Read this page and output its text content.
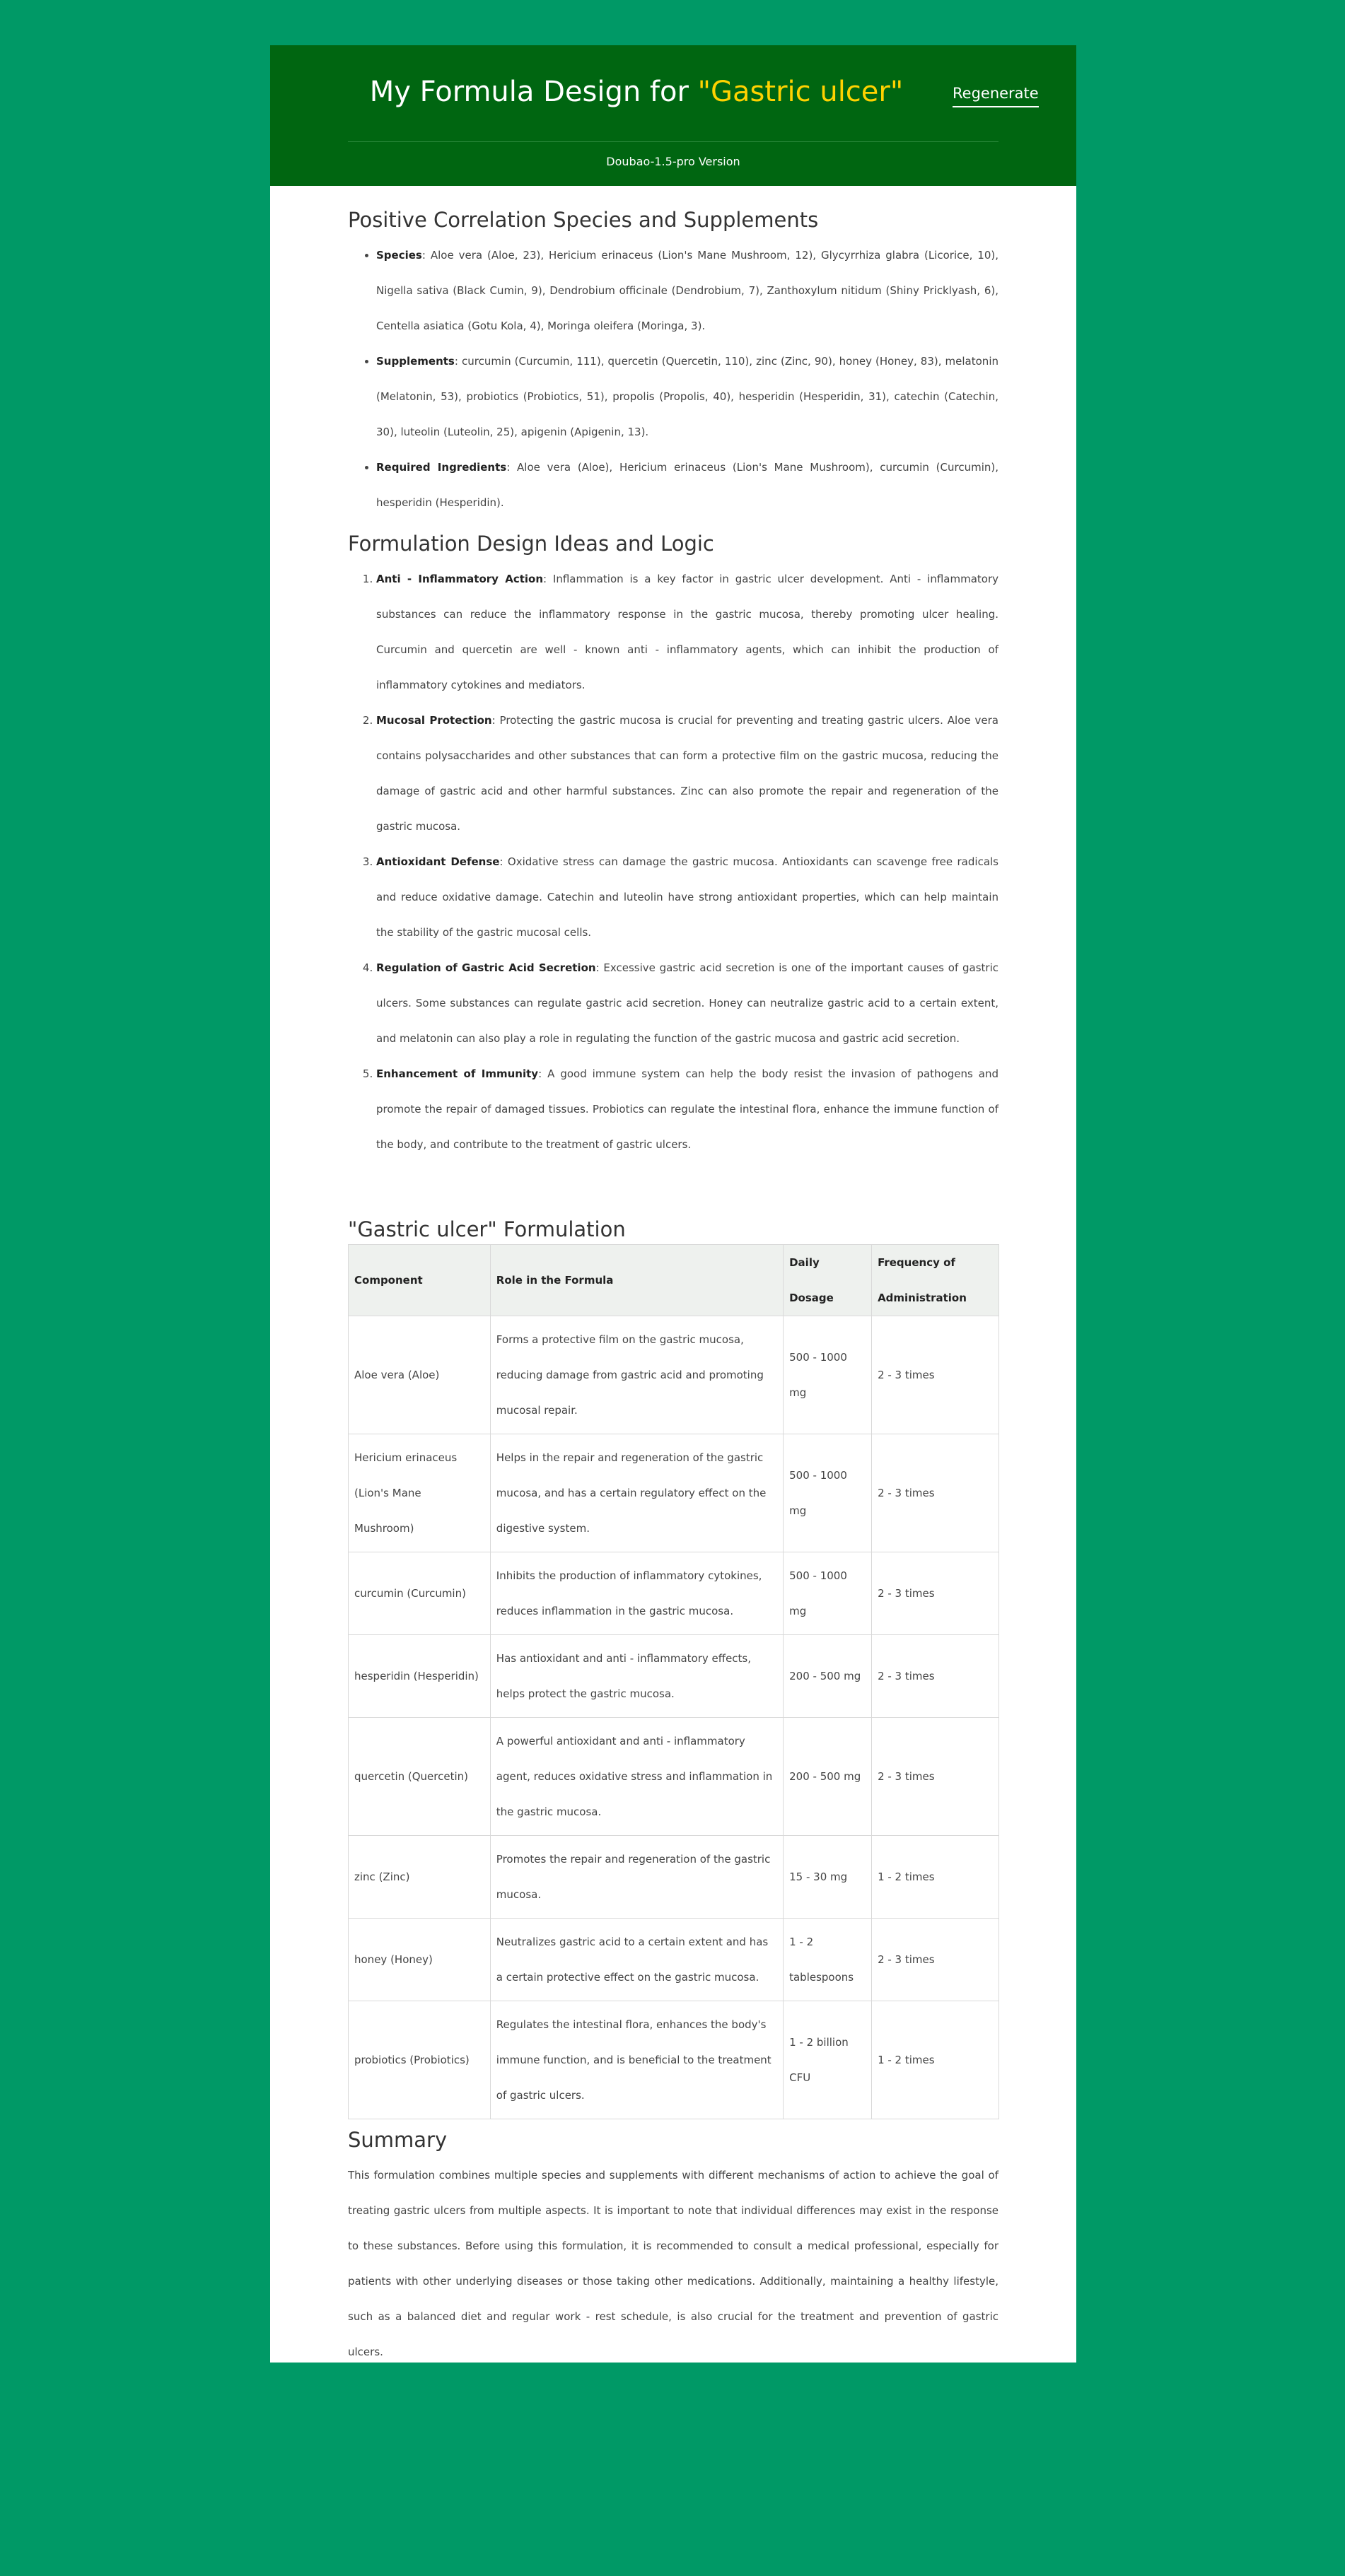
My Formula Design for "Gastric ulcer"	Regenerate
Doubao-1.5-pro Version
Positive Correlation Species and Supplements
• Species: Aloe vera (Aloe, 23), Hericium erinaceus (Lion's Mane Mushroom, 12), Glycyrrhiza glabra (Licorice, 10), Nigella sativa (Black Cumin, 9), Dendrobium officinale (Dendrobium, 7), Zanthoxylum nitidum (Shiny Pricklyash, 6), Centella asiatica (Gotu Kola, 4), Moringa oleifera (Moringa, 3).
• Supplements: curcumin (Curcumin, 111), quercetin (Quercetin, 110), zinc (Zinc, 90), honey (Honey, 83), melatonin (Melatonin, 53), probiotics (Probiotics, 51), propolis (Propolis, 40), hesperidin (Hesperidin, 31), catechin (Catechin, 30), luteolin (Luteolin, 25), apigenin (Apigenin, 13).
• Required Ingredients: Aloe vera (Aloe), Hericium erinaceus (Lion's Mane Mushroom), curcumin (Curcumin), hesperidin (Hesperidin).
Formulation Design Ideas and Logic
1. Anti - Inflammatory Action: Inflammation is a key factor in gastric ulcer development. Anti - inflammatory substances can reduce the inflammatory response in the gastric mucosa, thereby promoting ulcer healing. Curcumin and quercetin are well - known anti - inflammatory agents, which can inhibit the production of inflammatory cytokines and mediators.
2. Mucosal Protection: Protecting the gastric mucosa is crucial for preventing and treating gastric ulcers. Aloe vera contains polysaccharides and other substances that can form a protective film on the gastric mucosa, reducing the damage of gastric acid and other harmful substances. Zinc can also promote the repair and regeneration of the gastric mucosa.
3. Antioxidant Defense: Oxidative stress can damage the gastric mucosa. Antioxidants can scavenge free radicals and reduce oxidative damage. Catechin and luteolin have strong antioxidant properties, which can help maintain the stability of the gastric mucosal cells.
4. Regulation of Gastric Acid Secretion: Excessive gastric acid secretion is one of the important causes of gastric ulcers. Some substances can regulate gastric acid secretion. Honey can neutralize gastric acid to a certain extent, and melatonin can also play a role in regulating the function of the gastric mucosa and gastric acid secretion.
5. Enhancement of Immunity: A good immune system can help the body resist the invasion of pathogens and promote the repair of damaged tissues. Probiotics can regulate the intestinal flora, enhance the immune function of the body, and contribute to the treatment of gastric ulcers.
"Gastric ulcer" Formulation
Component	Role in the Formula	Daily Dosage	Frequency of Administration
Aloe vera (Aloe)	Forms a protective film on the gastric mucosa, reducing damage from gastric acid and promoting mucosal repair.	500 - 1000 mg	2 - 3 times
Hericium erinaceus (Lion's Mane Mushroom)	Helps in the repair and regeneration of the gastric mucosa, and has a certain regulatory effect on the digestive system.	500 - 1000 mg	2 - 3 times
curcumin (Curcumin)	Inhibits the production of inflammatory cytokines, reduces inflammation in the gastric mucosa.	500 - 1000 mg	2 - 3 times
hesperidin (Hesperidin)	Has antioxidant and anti - inflammatory effects, helps protect the gastric mucosa.	200 - 500 mg	2 - 3 times
quercetin (Quercetin)	A powerful antioxidant and anti - inflammatory agent, reduces oxidative stress and inflammation in the gastric mucosa.	200 - 500 mg	2 - 3 times
zinc (Zinc)	Promotes the repair and regeneration of the gastric mucosa.	15 - 30 mg	1 - 2 times
honey (Honey)	Neutralizes gastric acid to a certain extent and has a certain protective effect on the gastric mucosa.	1 - 2 tablespoons	2 - 3 times
probiotics (Probiotics)	Regulates the intestinal flora, enhances the body's immune function, and is beneficial to the treatment of gastric ulcers.	1 - 2 billion CFU	1 - 2 times
Summary

This formulation combines multiple species and supplements with different mechanisms of action to achieve the goal of treating gastric ulcers from multiple aspects. It is important to note that individual differences may exist in the response to these substances. Before using this formulation, it is recommended to consult a medical professional, especially for patients with other underlying diseases or those taking other medications. Additionally, maintaining a healthy lifestyle, such as a balanced diet and regular work - rest schedule, is also crucial for the treatment and prevention of gastric ulcers.
